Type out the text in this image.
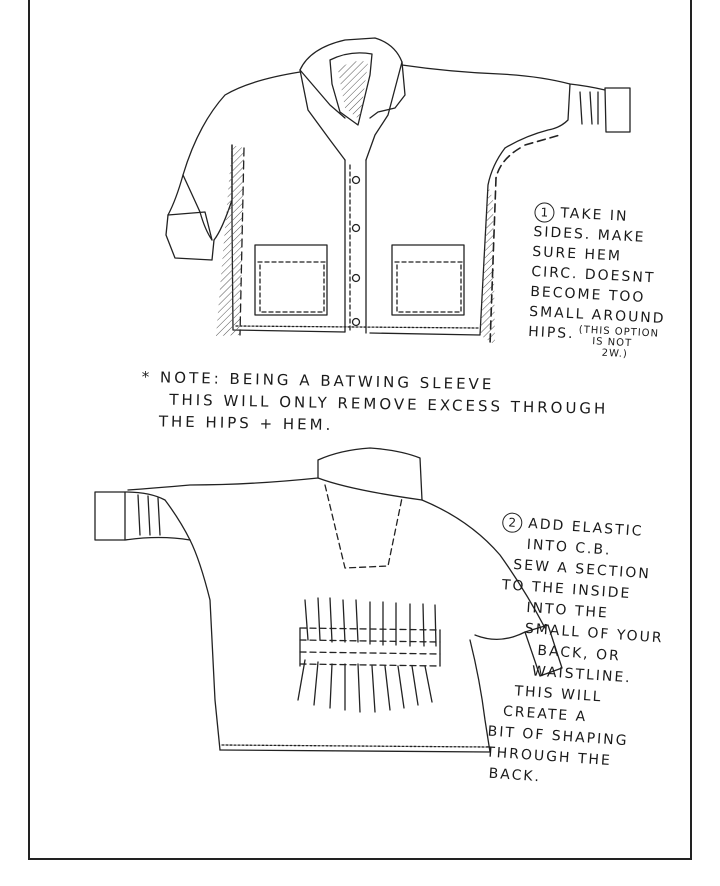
1 TAKE IN
SIDES. MAKE
SURE HEM
CIRC. DOESNT
BECOME TOO
SMALL AROUND
HIPS. (THIS OPTION
IS NOT
2W.)
* NOTE: BEING A BATWING SLEEVE
THIS WILL ONLY REMOVE EXCESS THROUGH
THE HIPS + HEM.
2 ADD ELASTIC
INTO C.B.
SEW A SECTION
TO THE INSIDE
INTO THE
SMALL OF YOUR
BACK, OR
WAISTLINE.
THIS WILL
CREATE A
BIT OF SHAPING
THROUGH THE
BACK.
